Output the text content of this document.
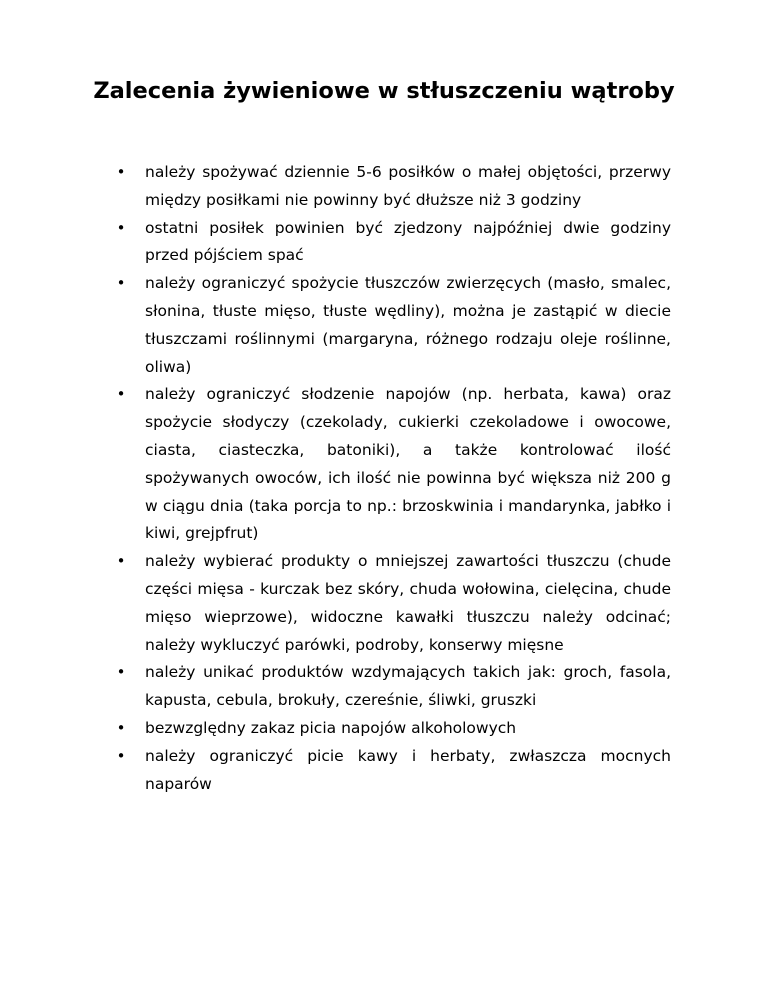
Zalecenia żywieniowe w stłuszczeniu wątroby
• należy spożywać dziennie 5-6 posiłków o małej objętości, przerwy między posiłkami nie powinny być dłuższe niż 3 godziny
• ostatni posiłek powinien być zjedzony najpóźniej dwie godziny przed pójściem spać
• należy ograniczyć spożycie tłuszczów zwierzęcych (masło, smalec, słonina, tłuste mięso, tłuste wędliny), można je zastąpić w diecie tłuszczami roślinnymi (margaryna, różnego rodzaju oleje roślinne, oliwa)
• należy ograniczyć słodzenie napojów (np. herbata, kawa) oraz spożycie słodyczy (czekolady, cukierki czekoladowe i owocowe, ciasta, ciasteczka, batoniki), a także kontrolować ilość spożywanych owoców, ich ilość nie powinna być większa niż 200 g w ciągu dnia (taka porcja to np.: brzoskwinia i mandarynka, jabłko i kiwi, grejpfrut)
• należy wybierać produkty o mniejszej zawartości tłuszczu (chude części mięsa - kurczak bez skóry, chuda wołowina, cielęcina, chude mięso wieprzowe), widoczne kawałki tłuszczu należy odcinać; należy wykluczyć parówki, podroby, konserwy mięsne
• należy unikać produktów wzdymających takich jak: groch, fasola, kapusta, cebula, brokuły, czereśnie, śliwki, gruszki
• bezwzględny zakaz picia napojów alkoholowych
• należy ograniczyć picie kawy i herbaty, zwłaszcza mocnych naparów
